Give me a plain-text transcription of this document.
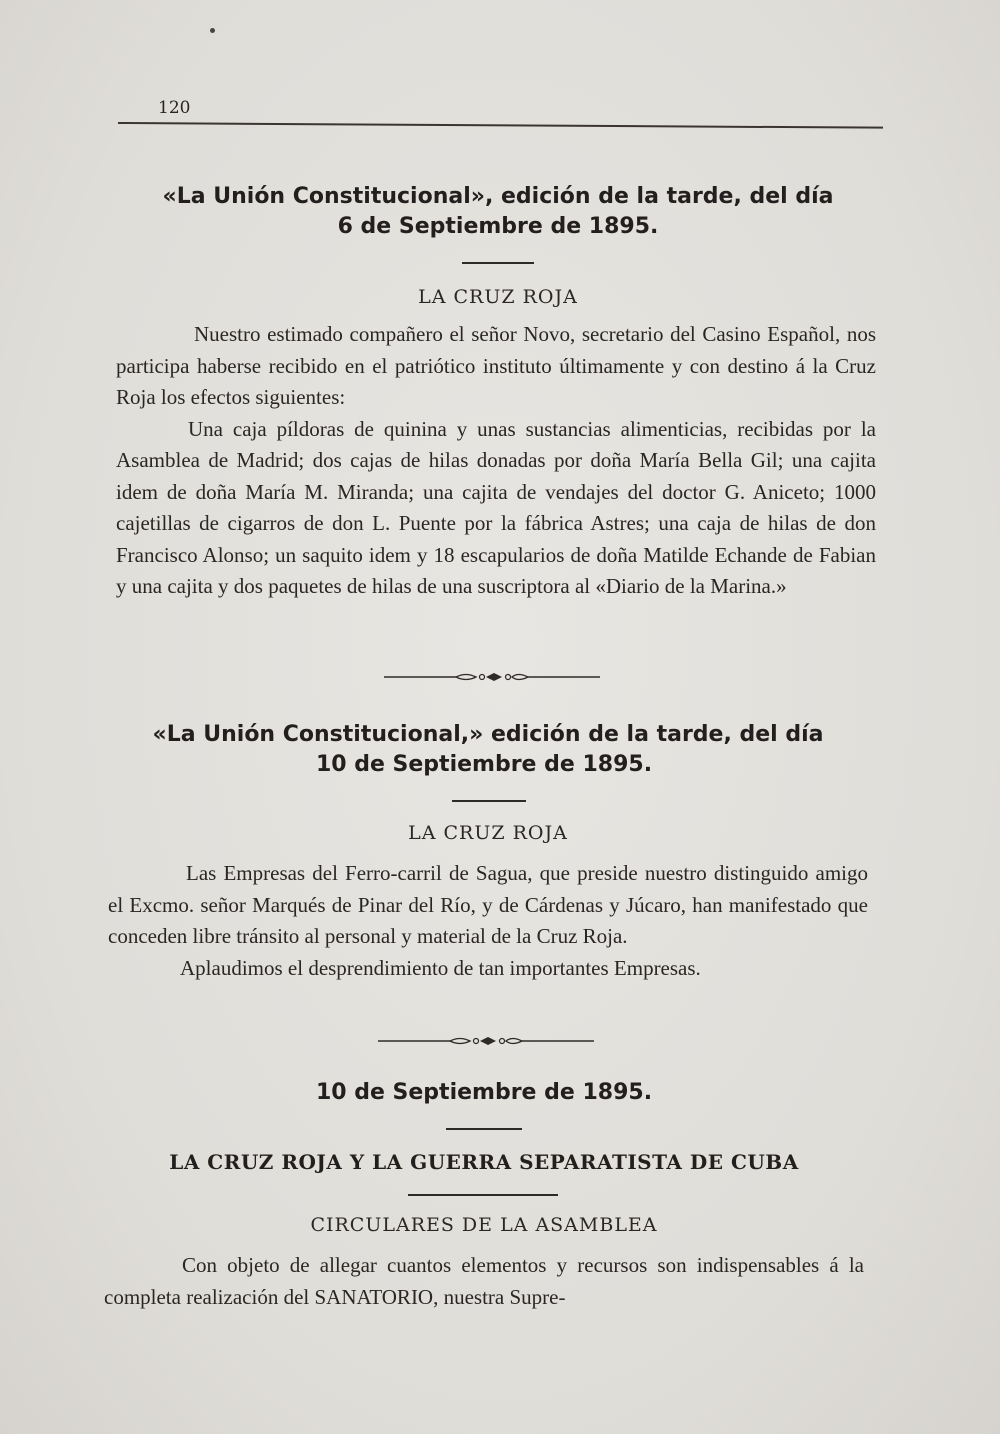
120
«La Unión Constitucional», edición de la tarde, del día
6 de Septiembre de 1895.
LA CRUZ ROJA

Nuestro estimado compañero el señor Novo, secretario del Casino Español, nos participa haberse recibido en el patriótico instituto últimamente y con destino á la Cruz Roja los efectos siguientes:

Una caja píldoras de quinina y unas sustancias alimenticias, recibidas por la Asamblea de Madrid; dos cajas de hilas donadas por doña María Bella Gil; una cajita idem de doña María M. Miranda; una cajita de vendajes del doctor G. Aniceto; 1000 cajetillas de cigarros de don L. Puente por la fábrica Astres; una caja de hilas de don Francisco Alonso; un saquito idem y 18 escapularios de doña Matilde Echande de Fabian y una cajita y dos paquetes de hilas de una suscriptora al «Diario de la Marina.»

«La Unión Constitucional,» edición de la tarde, del día
10 de Septiembre de 1895.
LA CRUZ ROJA

Las Empresas del Ferro-carril de Sagua, que preside nuestro distinguido amigo el Excmo. señor Marqués de Pinar del Río, y de Cárdenas y Júcaro, han manifestado que conceden libre tránsito al personal y material de la Cruz Roja.

Aplaudimos el desprendimiento de tan importantes Empresas.

10 de Septiembre de 1895.
LA CRUZ ROJA Y LA GUERRA SEPARATISTA DE CUBA
CIRCULARES DE LA ASAMBLEA

Con objeto de allegar cuantos elementos y recursos son indispensables á la completa realización del SANATORIO, nuestra Supre-
